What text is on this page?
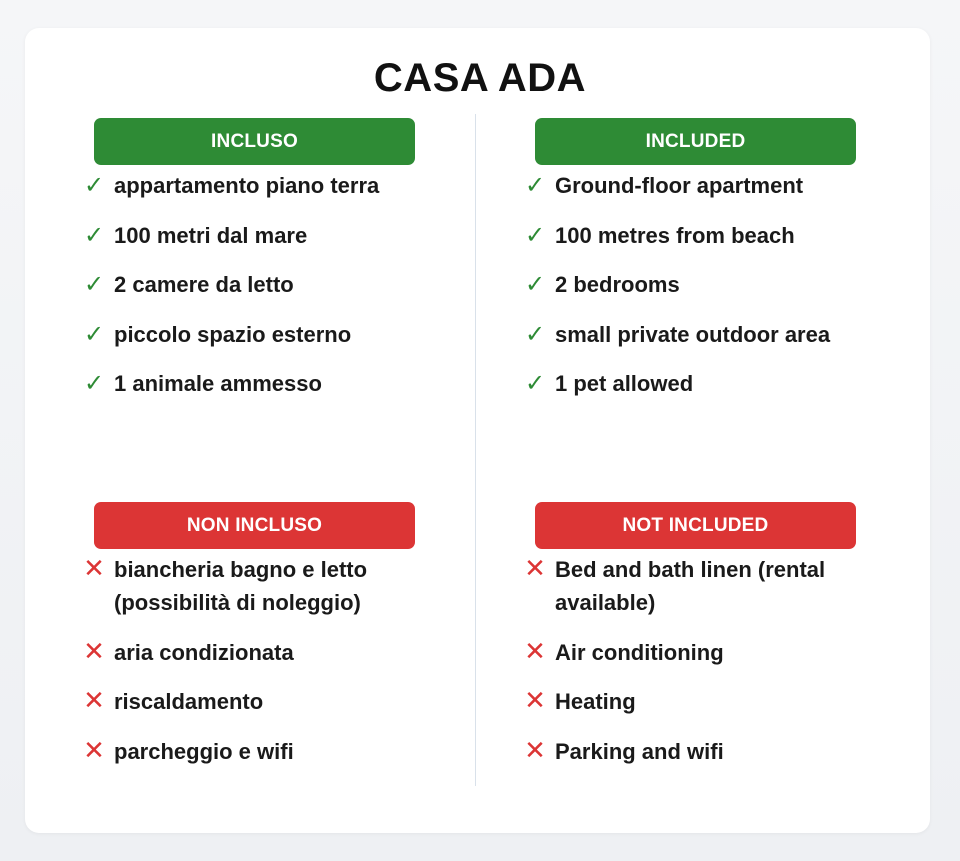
CASA ADA
INCLUSO
✓ appartamento piano terra
✓ 100 metri dal mare
✓ 2 camere da letto
✓ piccolo spazio esterno
✓ 1 animale ammesso
NON INCLUSO
✕ biancheria bagno e letto (possibilità di noleggio)
✕ aria condizionata
✕ riscaldamento
✕ parcheggio e wifi
INCLUDED
✓ Ground-floor apartment
✓ 100 metres from beach
✓ 2 bedrooms
✓ small private outdoor area
✓ 1 pet allowed
NOT INCLUDED
✕ Bed and bath linen (rental available)
✕ Air conditioning
✕ Heating
✕ Parking and wifi
